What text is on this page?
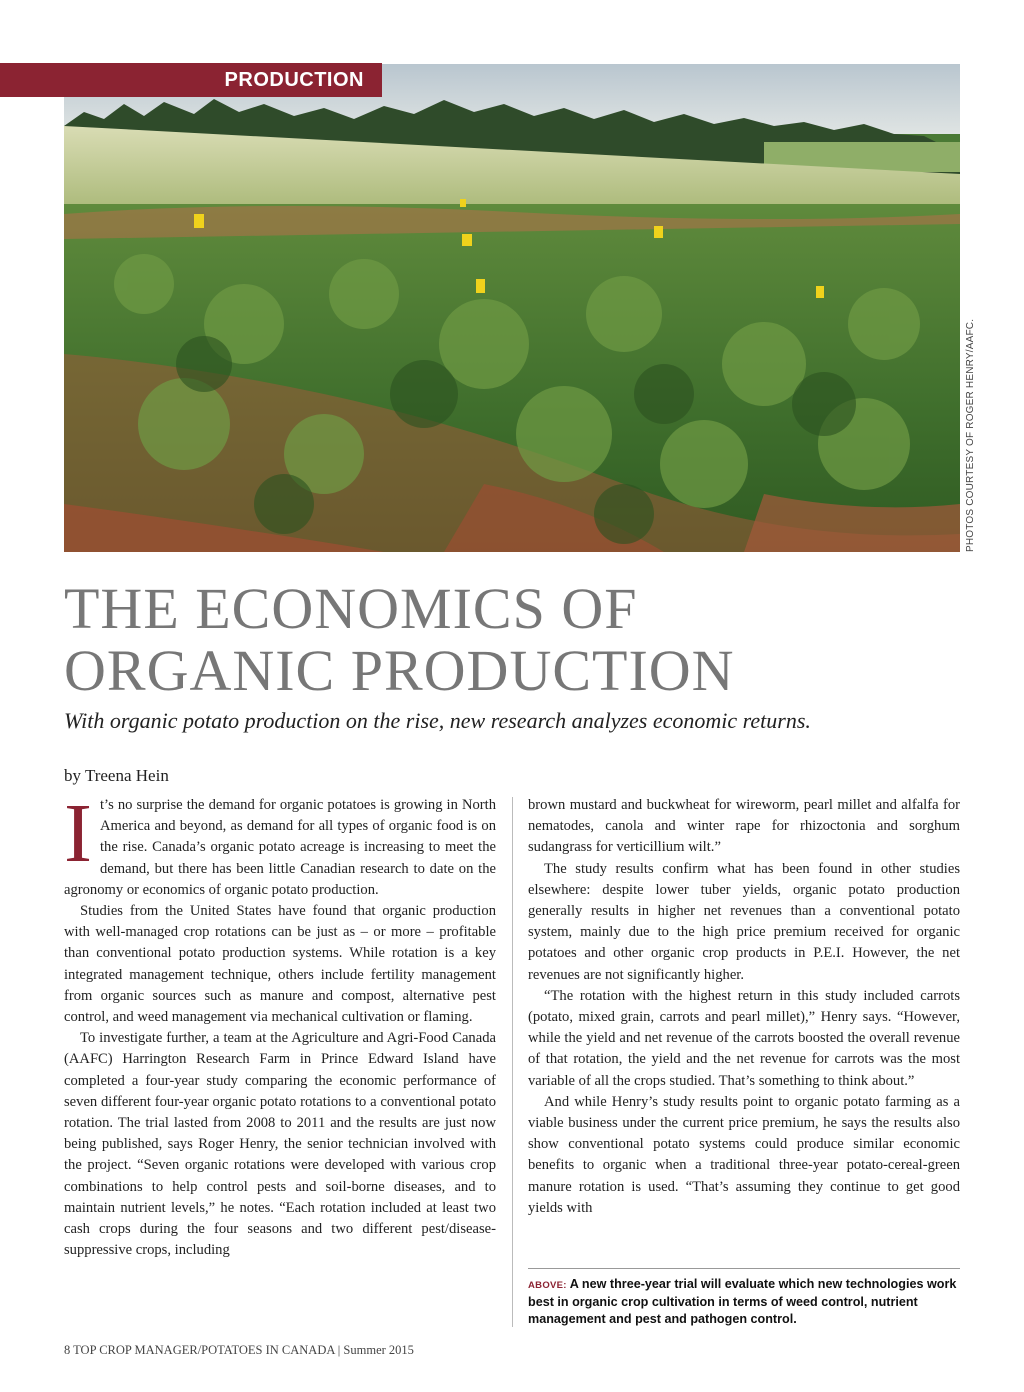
PRODUCTION
PHOTOS COURTESY OF ROGER HENRY/AAFC.
THE ECONOMICS OF
ORGANIC PRODUCTION

With organic potato production on the rise, new research analyzes economic returns.

by Treena Hein

It’s no surprise the demand for organic potatoes is growing in North America and beyond, as demand for all types of organic food is on the rise. Canada’s organic potato acreage is increasing to meet the demand, but there has been little Canadian research to date on the agronomy or economics of organic potato production.

Studies from the United States have found that organic production with well-managed crop rotations can be just as – or more – profitable than conventional potato production systems. While rotation is a key integrated management technique, others include fertility management from organic sources such as manure and compost, alternative pest control, and weed management via mechanical cultivation or flaming.

To investigate further, a team at the Agriculture and Agri-Food Canada (AAFC) Harrington Research Farm in Prince Edward Island have completed a four-year study comparing the economic performance of seven different four-year organic potato rotations to a conventional potato rotation. The trial lasted from 2008 to 2011 and the results are just now being published, says Roger Henry, the senior technician involved with the project. “Seven organic rotations were developed with various crop combinations to help control pests and soil-borne diseases, and to maintain nutrient levels,” he notes. “Each rotation included at least two cash crops during the four seasons and two different pest/disease-suppressive crops, including

brown mustard and buckwheat for wireworm, pearl millet and alfalfa for nematodes, canola and winter rape for rhizoctonia and sorghum sudangrass for verticillium wilt.”

The study results confirm what has been found in other studies elsewhere: despite lower tuber yields, organic potato production generally results in higher net revenues than a conventional potato system, mainly due to the high price premium received for organic potatoes and other organic crop products in P.E.I. However, the net revenues are not significantly higher.

“The rotation with the highest return in this study included carrots (potato, mixed grain, carrots and pearl millet),” Henry says. “However, while the yield and net revenue of the carrots boosted the overall revenue of that rotation, the yield and the net revenue for carrots was the most variable of all the crops studied. That’s something to think about.”

And while Henry’s study results point to organic potato farming as a viable business under the current price premium, he says the results also show conventional potato systems could produce similar economic benefits to organic when a traditional three-year potato-cereal-green manure rotation is used. “That’s assuming they continue to get good yields with

ABOVE: A new three-year trial will evaluate which new technologies work best in organic crop cultivation in terms of weed control, nutrient management and pest and pathogen control.
8 TOP CROP MANAGER/POTATOES IN CANADA | Summer 2015
